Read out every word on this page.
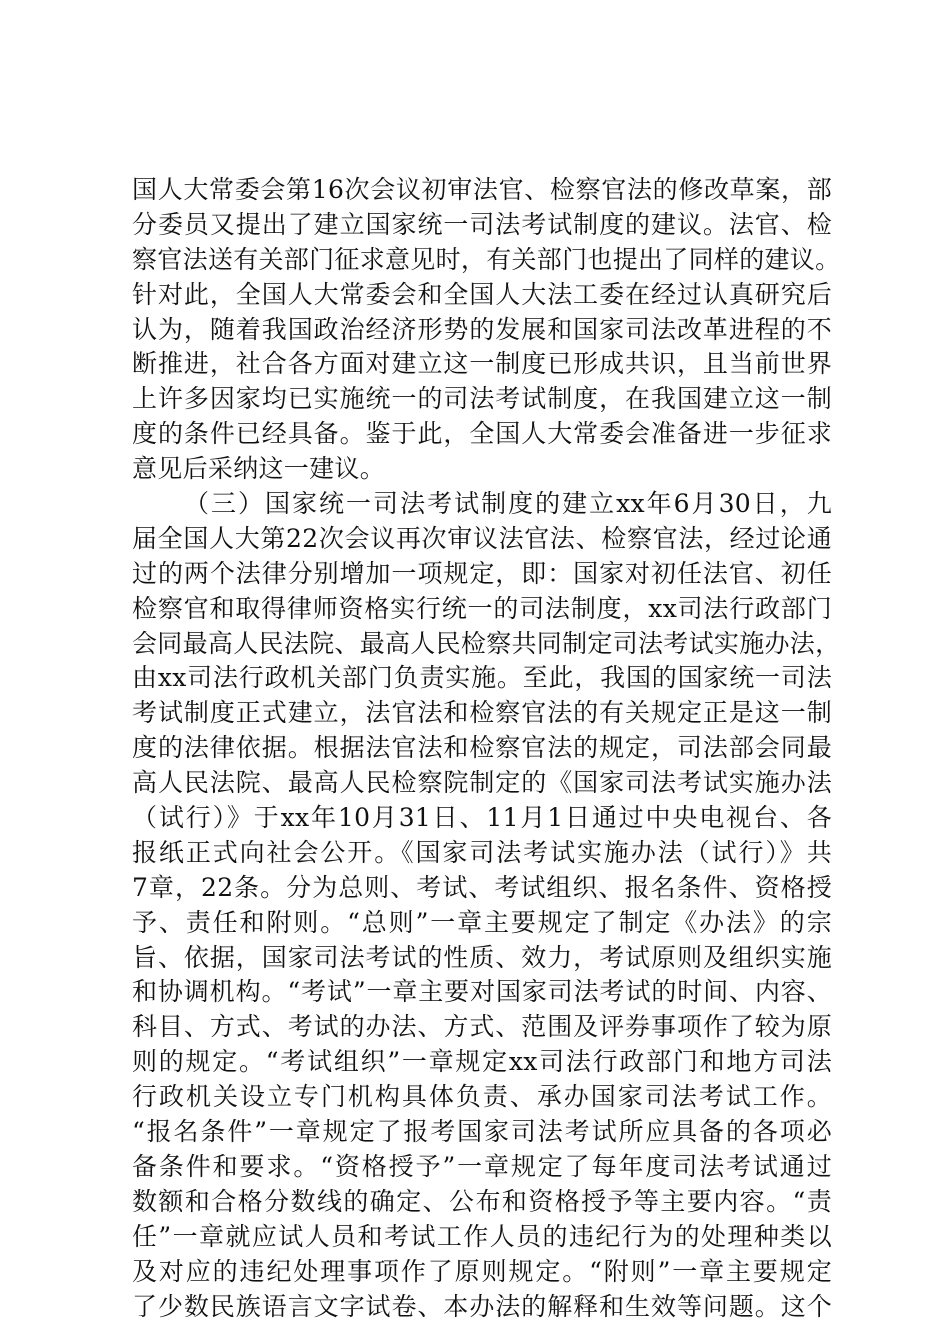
国人大常委会第16次会议初审法官、检察官法的修改草案，部
分委员又提出了建立国家统一司法考试制度的建议。法官、检
察官法送有关部门征求意见时，有关部门也提出了同样的建议。
针对此，全国人大常委会和全国人大法工委在经过认真研究后
认为，随着我国政治经济形势的发展和国家司法改革进程的不
断推进，社合各方面对建立这一制度已形成共识，且当前世界
上许多因家均已实施统一的司法考试制度，在我国建立这一制
度的条件已经具备。鉴于此，全国人大常委会准备进一步征求
意见后采纳这一建议。
（三）国家统一司法考试制度的建立xx年6月30日，九
届全国人大第22次会议再次审议法官法、检察官法，经过论通
过的两个法律分别增加一项规定，即：国家对初任法官、初任
检察官和取得律师资格实行统一的司法制度，xx司法行政部门
会同最高人民法院、最高人民检察共同制定司法考试实施办法，
由xx司法行政机关部门负责实施。至此，我国的国家统一司法
考试制度正式建立，法官法和检察官法的有关规定正是这一制
度的法律依据。根据法官法和检察官法的规定，司法部会同最
高人民法院、最高人民检察院制定的《国家司法考试实施办法
（试行）》于xx年10月31日、11月1日通过中央电视台、各
报纸正式向社会公开。《国家司法考试实施办法（试行）》共
7章，22条。分为总则、考试、考试组织、报名条件、资格授
予、责任和附则。“总则”一章主要规定了制定《办法》的宗
旨、依据，国家司法考试的性质、效力，考试原则及组织实施
和协调机构。“考试”一章主要对国家司法考试的时间、内容、
科目、方式、考试的办法、方式、范围及评券事项作了较为原
则的规定。“考试组织”一章规定xx司法行政部门和地方司法
行政机关设立专门机构具体负责、承办国家司法考试工作。
“报名条件”一章规定了报考国家司法考试所应具备的各项必
备条件和要求。“资格授予”一章规定了每年度司法考试通过
数额和合格分数线的确定、公布和资格授予等主要内容。“责
任”一章就应试人员和考试工作人员的违纪行为的处理种类以
及对应的违纪处理事项作了原则规定。“附则”一章主要规定
了少数民族语言文字试卷、本办法的解释和生效等问题。这个
